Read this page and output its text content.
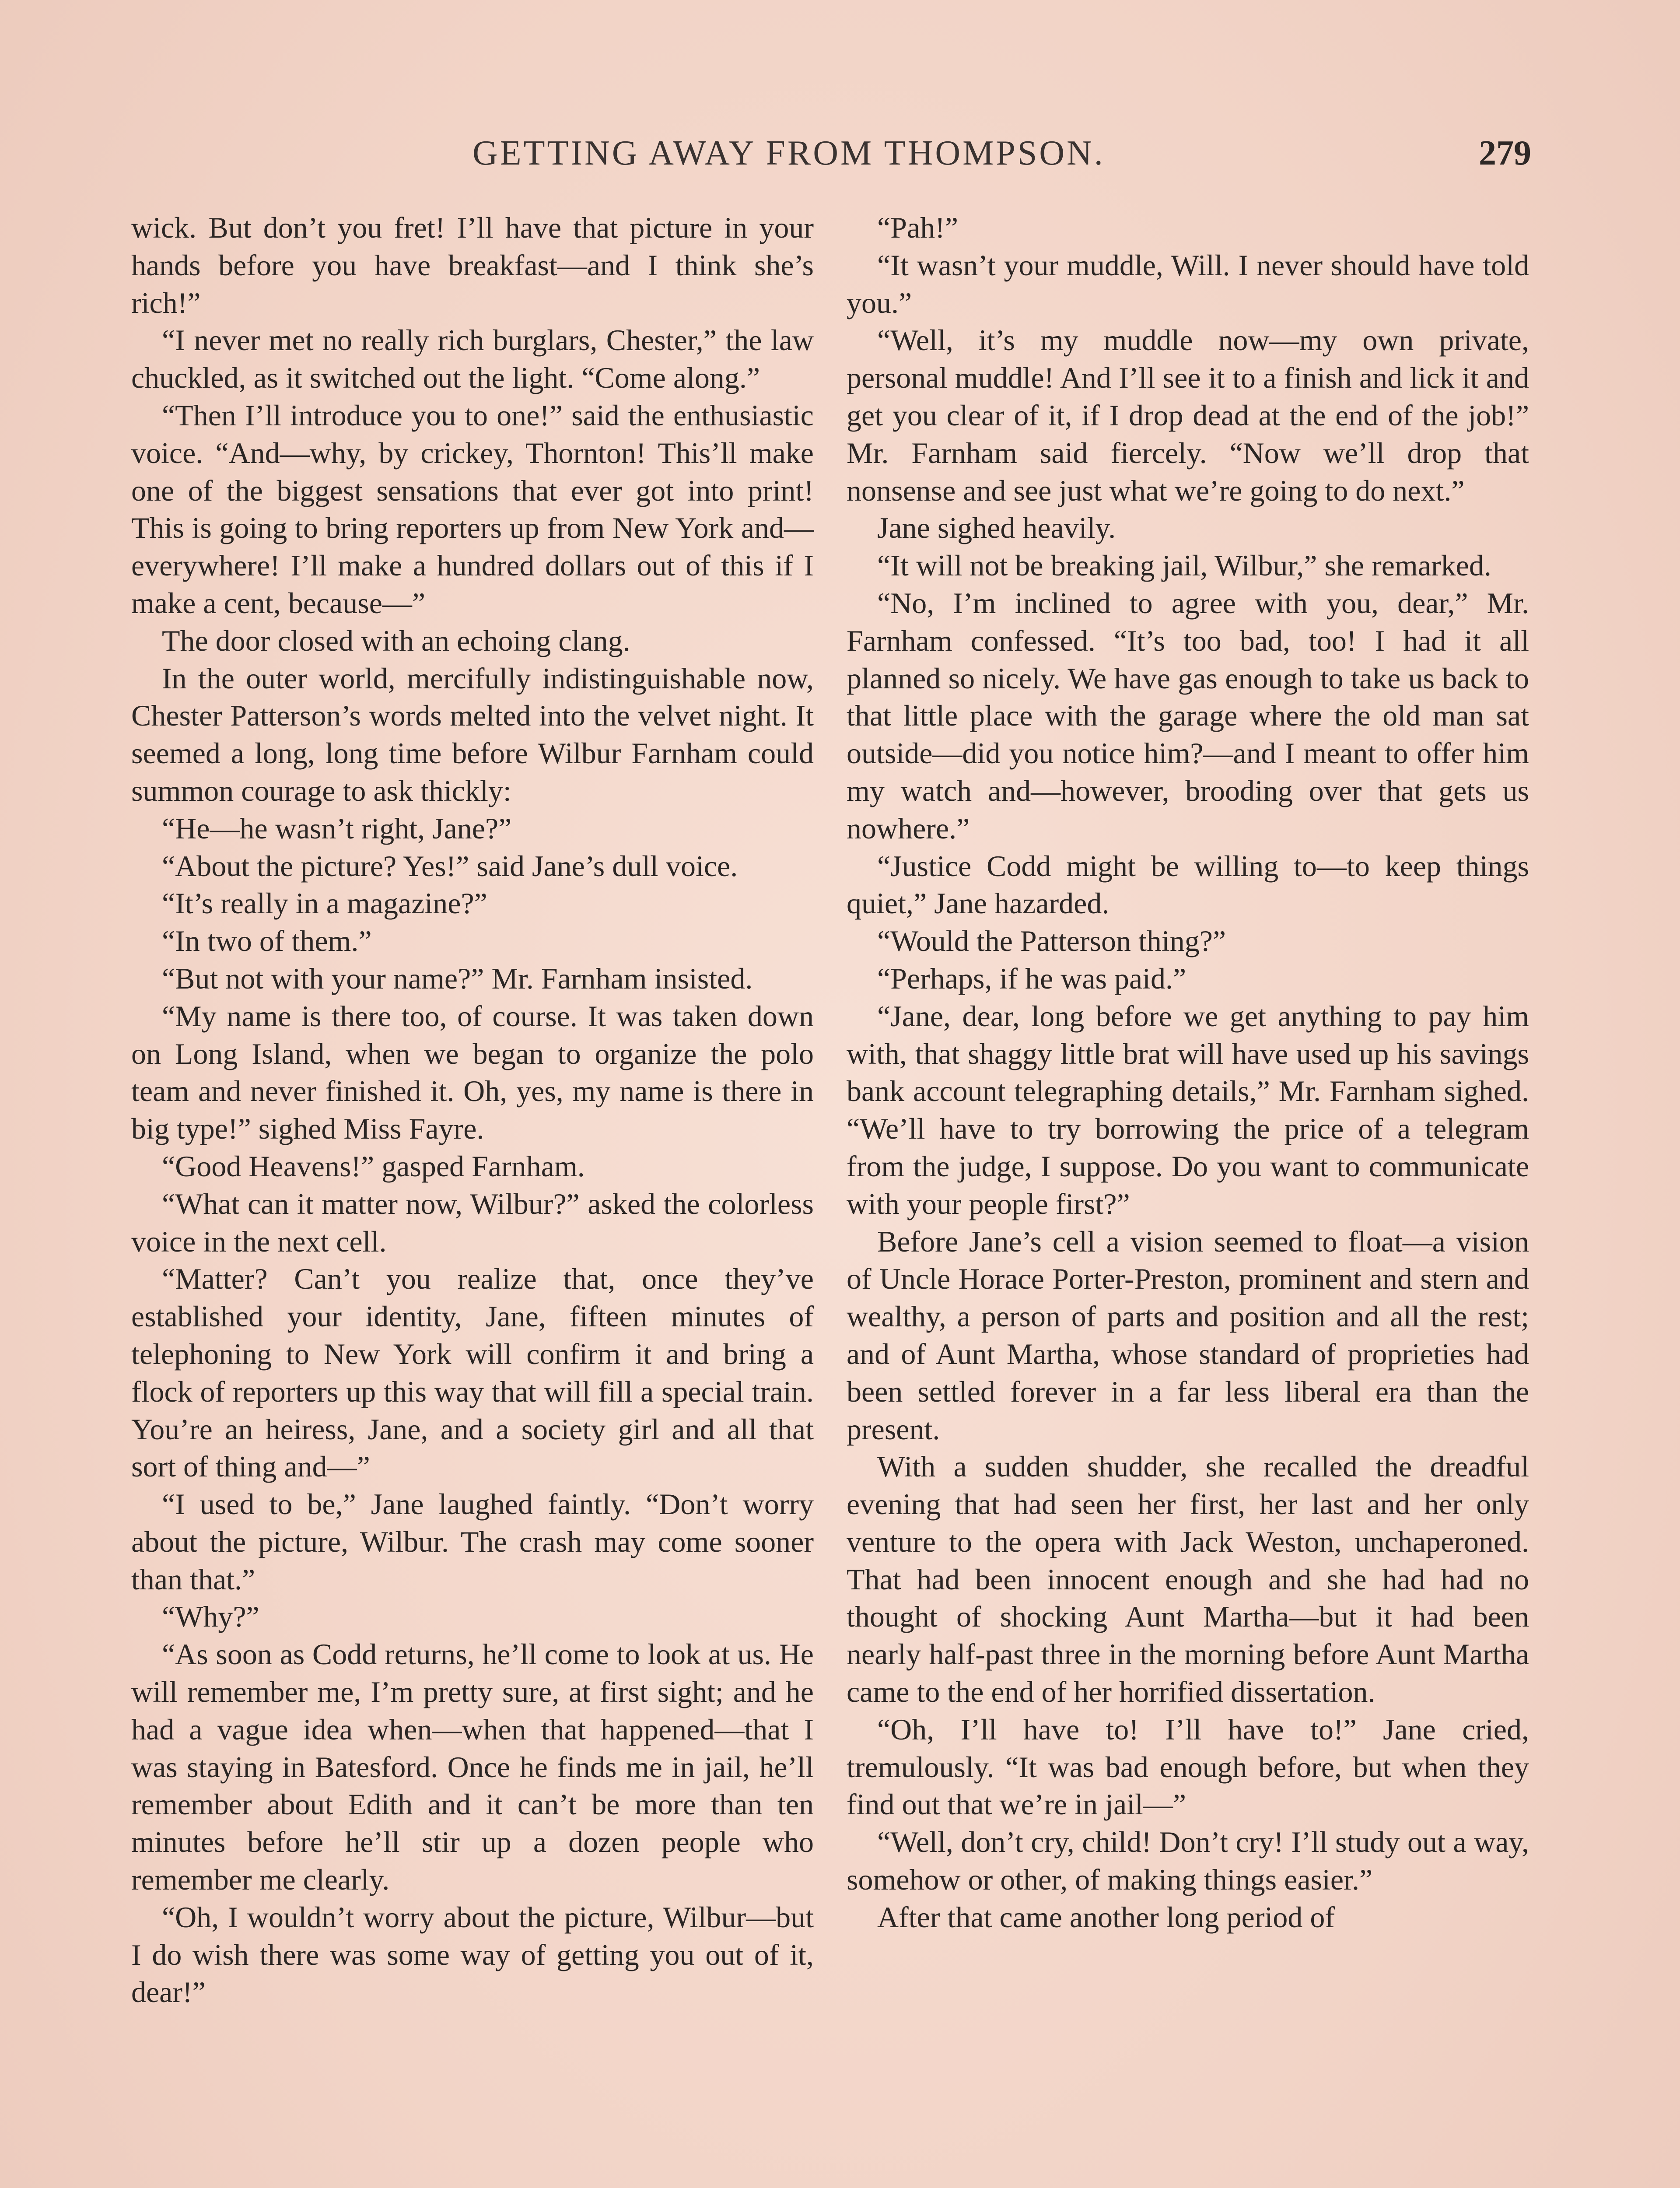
GETTING AWAY FROM THOMPSON.	279

wick. But don’t you fret! I’ll have that picture in your hands before you have breakfast—and I think she’s rich!”

“I never met no really rich burglars, Chester,” the law chuckled, as it switched out the light. “Come along.”

“Then I’ll introduce you to one!” said the enthusiastic voice. “And—why, by crickey, Thornton! This’ll make one of the biggest sensations that ever got into print! This is going to bring reporters up from New York and—everywhere! I’ll make a hundred dollars out of this if I make a cent, because—”

The door closed with an echoing clang.

In the outer world, mercifully indistinguishable now, Chester Patterson’s words melted into the velvet night. It seemed a long, long time before Wilbur Farnham could summon courage to ask thickly:

“He—he wasn’t right, Jane?”

“About the picture? Yes!” said Jane’s dull voice.

“It’s really in a magazine?”

“In two of them.”

“But not with your name?” Mr. Farnham insisted.

“My name is there too, of course. It was taken down on Long Island, when we began to organize the polo team and never finished it. Oh, yes, my name is there in big type!” sighed Miss Fayre.

“Good Heavens!” gasped Farnham.

“What can it matter now, Wilbur?” asked the colorless voice in the next cell.

“Matter? Can’t you realize that, once they’ve established your identity, Jane, fifteen minutes of telephoning to New York will confirm it and bring a flock of reporters up this way that will fill a special train. You’re an heiress, Jane, and a society girl and all that sort of thing and—”

“I used to be,” Jane laughed faintly. “Don’t worry about the picture, Wilbur. The crash may come sooner than that.”

“Why?”

“As soon as Codd returns, he’ll come to look at us. He will remember me, I’m pretty sure, at first sight; and he had a vague idea when—when that happened—that I was staying in Batesford. Once he finds me in jail, he’ll remember about Edith and it can’t be more than ten minutes before he’ll stir up a dozen people who remember me clearly.

“Oh, I wouldn’t worry about the picture, Wilbur—but I do wish there was some way of getting you out of it, dear!”

“Pah!”

“It wasn’t your muddle, Will. I never should have told you.”

“Well, it’s my muddle now—my own private, personal muddle! And I’ll see it to a finish and lick it and get you clear of it, if I drop dead at the end of the job!” Mr. Farnham said fiercely. “Now we’ll drop that nonsense and see just what we’re going to do next.”

Jane sighed heavily.

“It will not be breaking jail, Wilbur,” she remarked.

“No, I’m inclined to agree with you, dear,” Mr. Farnham confessed. “It’s too bad, too! I had it all planned so nicely. We have gas enough to take us back to that little place with the garage where the old man sat outside—did you notice him?—and I meant to offer him my watch and—however, brooding over that gets us nowhere.”

“Justice Codd might be willing to—to keep things quiet,” Jane hazarded.

“Would the Patterson thing?”

“Perhaps, if he was paid.”

“Jane, dear, long before we get anything to pay him with, that shaggy little brat will have used up his savings bank account telegraphing details,” Mr. Farnham sighed. “We’ll have to try borrowing the price of a telegram from the judge, I suppose. Do you want to communicate with your people first?”

Before Jane’s cell a vision seemed to float—a vision of Uncle Horace Porter-Preston, prominent and stern and wealthy, a person of parts and position and all the rest; and of Aunt Martha, whose standard of proprieties had been settled forever in a far less liberal era than the present.

With a sudden shudder, she recalled the dreadful evening that had seen her first, her last and her only venture to the opera with Jack Weston, unchaperoned. That had been innocent enough and she had had no thought of shocking Aunt Martha—but it had been nearly half-past three in the morning before Aunt Martha came to the end of her horrified dissertation.

“Oh, I’ll have to! I’ll have to!” Jane cried, tremulously. “It was bad enough before, but when they find out that we’re in jail—”

“Well, don’t cry, child! Don’t cry! I’ll study out a way, somehow or other, of making things easier.”

After that came another long period of
